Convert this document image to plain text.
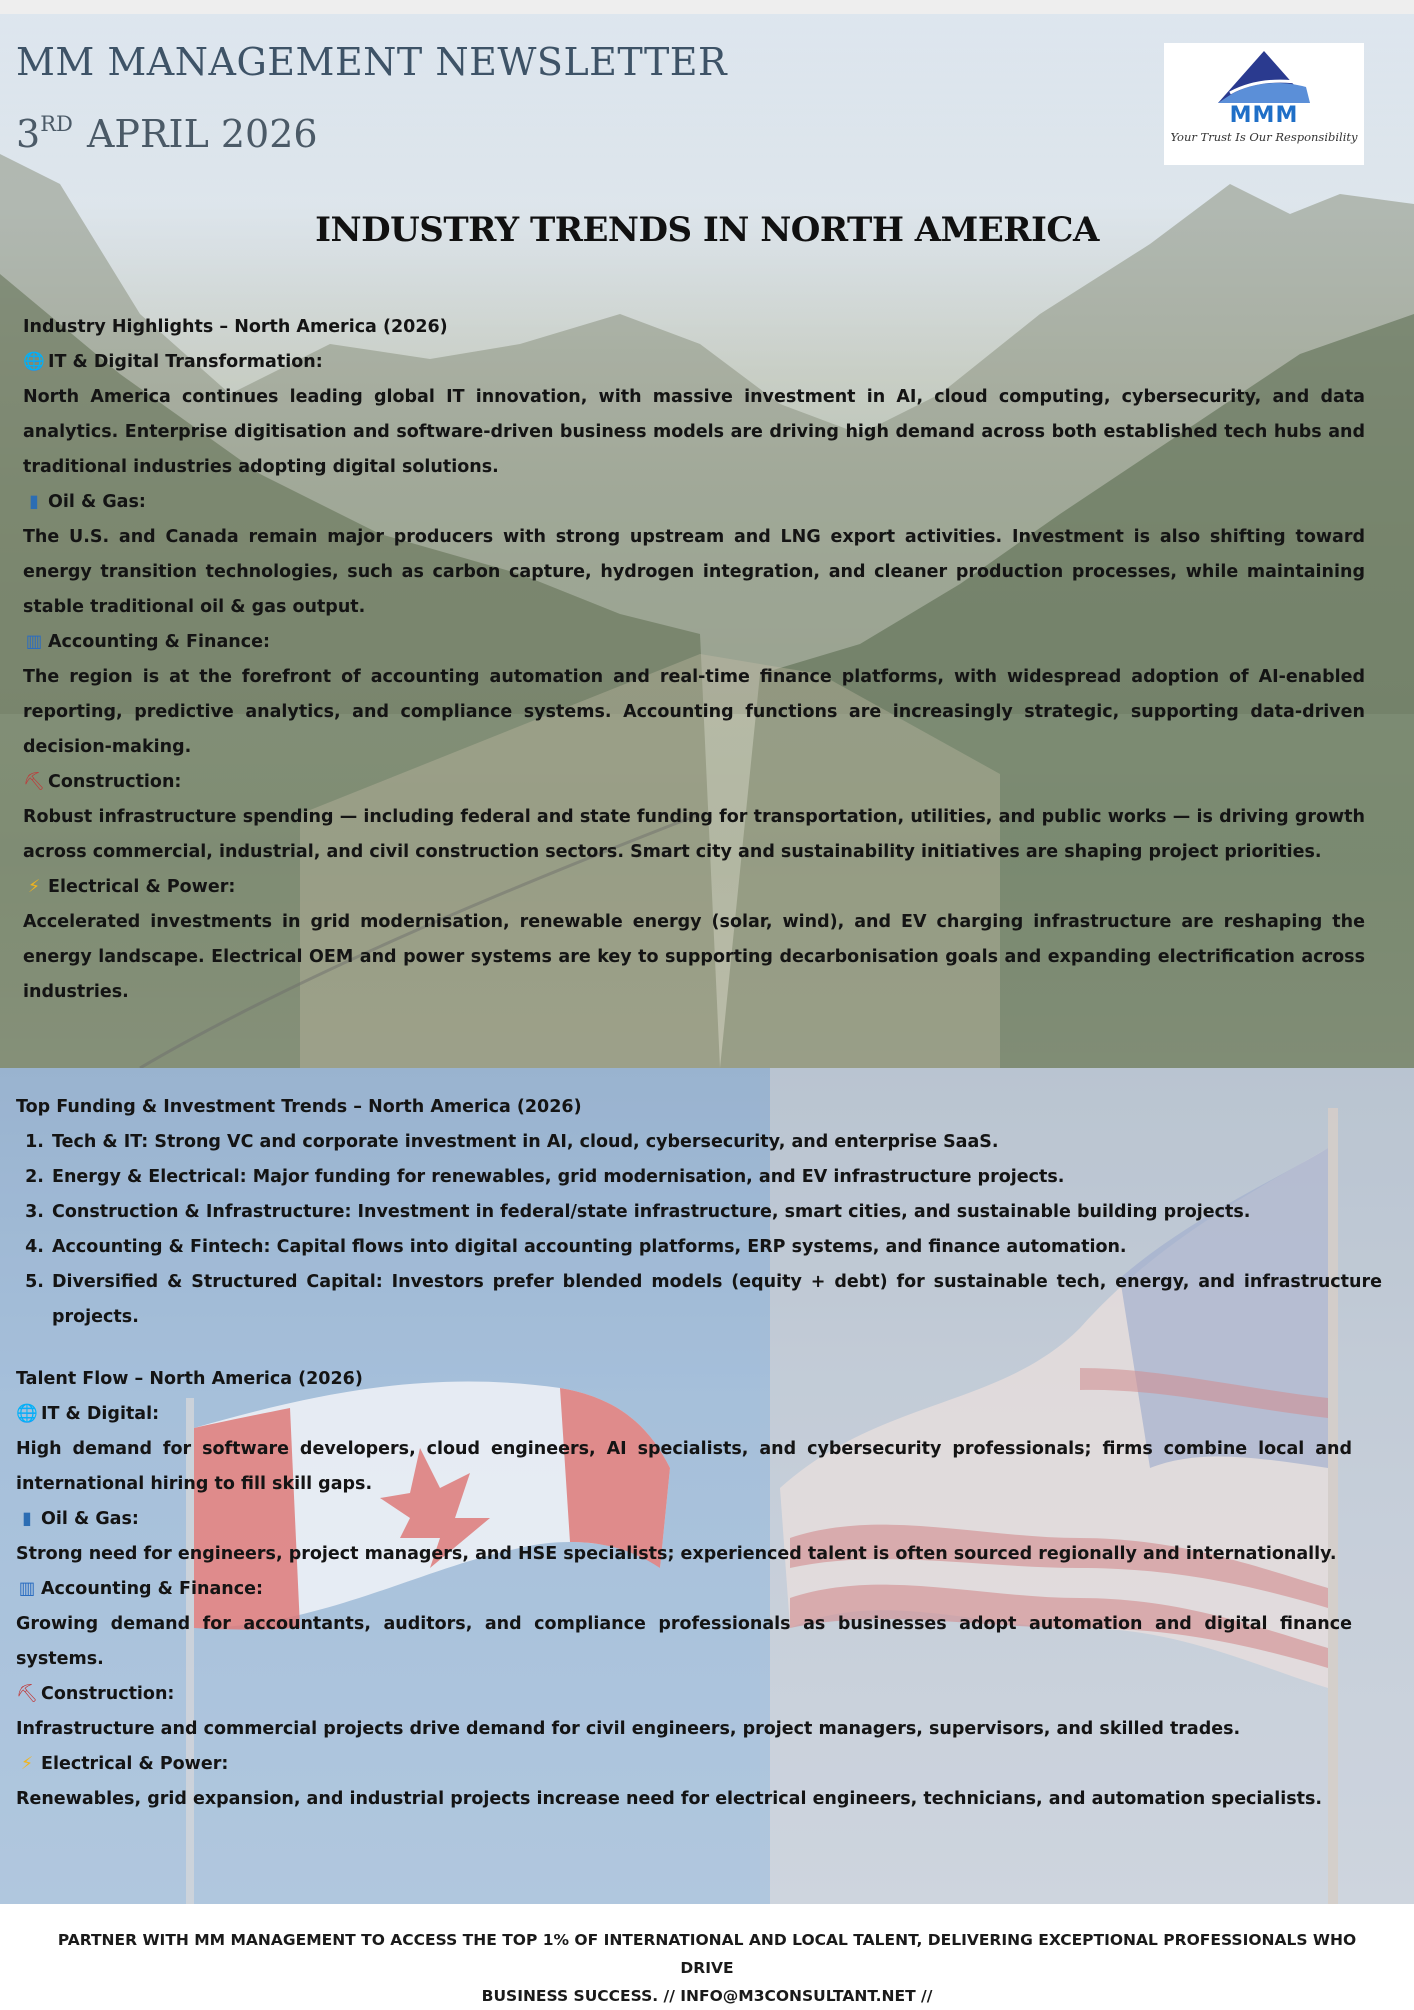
MM MANAGEMENT NEWSLETTER
3RD APRIL 2026	MMM
Your Trust Is Our Responsibility
INDUSTRY TRENDS IN NORTH AMERICA
Industry Highlights – North America (2026)
🌐 IT & Digital Transformation:

North America continues leading global IT innovation, with massive investment in AI, cloud computing, cybersecurity, and data analytics. Enterprise digitisation and software-driven business models are driving high demand across both established tech hubs and traditional industries adopting digital solutions.

▮ Oil & Gas:

The U.S. and Canada remain major producers with strong upstream and LNG export activities. Investment is also shifting toward energy transition technologies, such as carbon capture, hydrogen integration, and cleaner production processes, while maintaining stable traditional oil & gas output.

▥ Accounting & Finance:

The region is at the forefront of accounting automation and real-time finance platforms, with widespread adoption of AI-enabled reporting, predictive analytics, and compliance systems. Accounting functions are increasingly strategic, supporting data-driven decision-making.

⛏ Construction:

Robust infrastructure spending — including federal and state funding for transportation, utilities, and public works — is driving growth across commercial, industrial, and civil construction sectors. Smart city and sustainability initiatives are shaping project priorities.

⚡ Electrical & Power:

Accelerated investments in grid modernisation, renewable energy (solar, wind), and EV charging infrastructure are reshaping the energy landscape. Electrical OEM and power systems are key to supporting decarbonisation goals and expanding electrification across industries.

Top Funding & Investment Trends – North America (2026)
1. Tech & IT: Strong VC and corporate investment in AI, cloud, cybersecurity, and enterprise SaaS.
2. Energy & Electrical: Major funding for renewables, grid modernisation, and EV infrastructure projects.
3. Construction & Infrastructure: Investment in federal/state infrastructure, smart cities, and sustainable building projects.
4. Accounting & Fintech: Capital flows into digital accounting platforms, ERP systems, and finance automation.
5. Diversified & Structured Capital: Investors prefer blended models (equity + debt) for sustainable tech, energy, and infrastructure projects.
Talent Flow – North America (2026)
🌐 IT & Digital:

High demand for software developers, cloud engineers, AI specialists, and cybersecurity professionals; firms combine local and international hiring to fill skill gaps.

▮ Oil & Gas:

Strong need for engineers, project managers, and HSE specialists; experienced talent is often sourced regionally and internationally.

▥ Accounting & Finance:

Growing demand for accountants, auditors, and compliance professionals as businesses adopt automation and digital finance systems.

⛏ Construction:

Infrastructure and commercial projects drive demand for civil engineers, project managers, supervisors, and skilled trades.

⚡ Electrical & Power:

Renewables, grid expansion, and industrial projects increase need for electrical engineers, technicians, and automation specialists.

PARTNER WITH MM MANAGEMENT TO ACCESS THE TOP 1% OF INTERNATIONAL AND LOCAL TALENT, DELIVERING EXCEPTIONAL PROFESSIONALS WHO DRIVE
BUSINESS SUCCESS. // INFO@M3CONSULTANT.NET //
